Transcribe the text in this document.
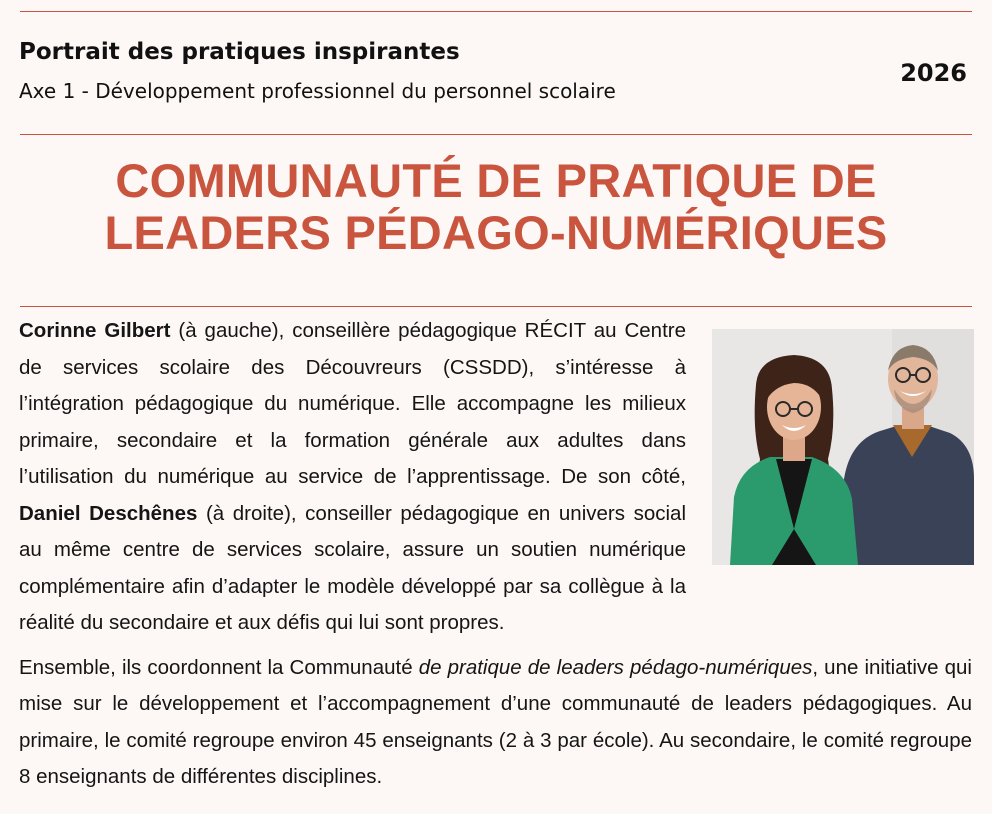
Portrait des pratiques inspirantes
Axe 1 - Développement professionnel du personnel scolaire
2026
COMMUNAUTÉ DE PRATIQUE DE
LEADERS PÉDAGO-NUMÉRIQUES

Corinne Gilbert (à gauche), conseillère pédagogique RÉCIT au Centre de services scolaire des Découvreurs (CSSDD), s’intéresse à l’intégration pédagogique du numérique. Elle accompagne les milieux primaire, secondaire et la formation générale aux adultes dans l’utilisation du numérique au service de l’apprentissage. De son côté, Daniel Deschênes (à droite), conseiller pédagogique en univers social au même centre de services scolaire, assure un soutien numérique complémentaire afin d’adapter le modèle développé par sa collègue à la réalité du secondaire et aux défis qui lui sont propres.

Ensemble, ils coordonnent la Communauté de pratique de leaders pédago-numériques, une initiative qui mise sur le développement et l’accompagnement d’une communauté de leaders pédagogiques. Au primaire, le comité regroupe environ 45 enseignants (2 à 3 par école). Au secondaire, le comité regroupe 8 enseignants de différentes disciplines.
